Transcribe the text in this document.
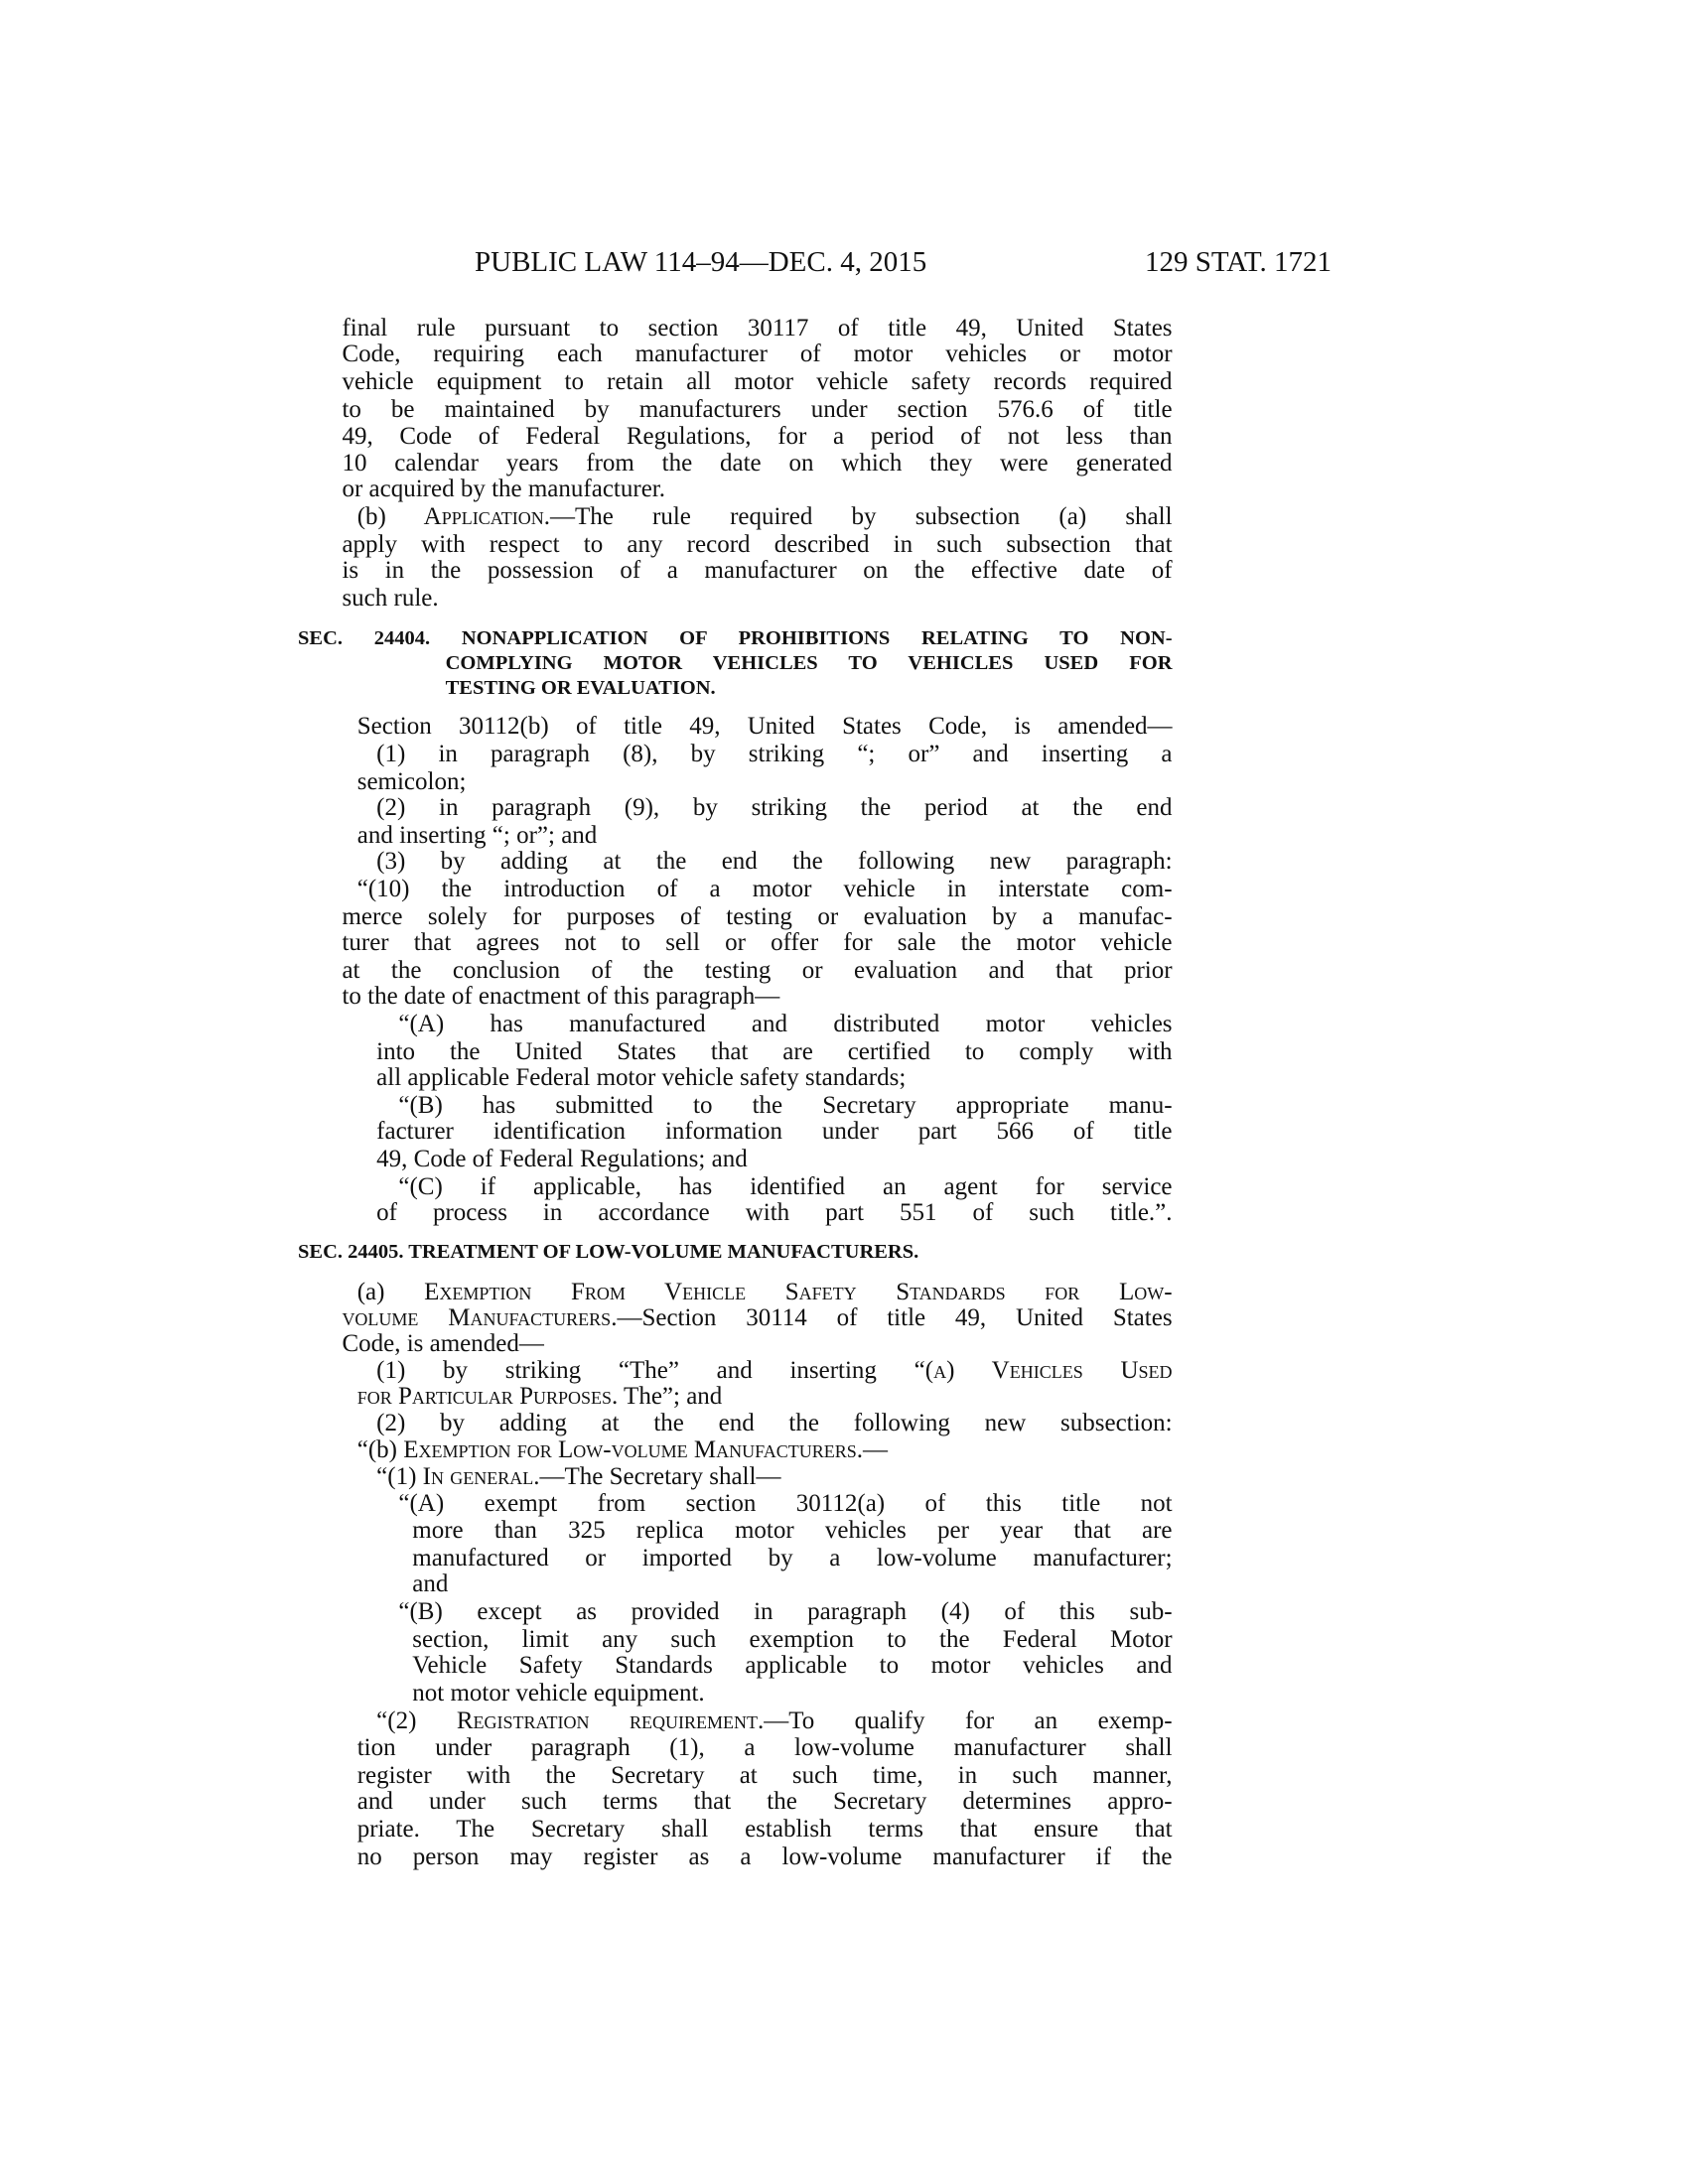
PUBLIC LAW 114–94—DEC. 4, 2015	129 STAT. 1721
final rule pursuant to section 30117 of title 49, United States
Code, requiring each manufacturer of motor vehicles or motor
vehicle equipment to retain all motor vehicle safety records required
to be maintained by manufacturers under section 576.6 of title
49, Code of Federal Regulations, for a period of not less than
10 calendar years from the date on which they were generated
or acquired by the manufacturer.
(b) Application.—The rule required by subsection (a) shall
apply with respect to any record described in such subsection that
is in the possession of a manufacturer on the effective date of
such rule.
SEC. 24404. NONAPPLICATION OF PROHIBITIONS RELATING TO NON-
COMPLYING MOTOR VEHICLES TO VEHICLES USED FOR
TESTING OR EVALUATION.
Section 30112(b) of title 49, United States Code, is amended—
(1) in paragraph (8), by striking “; or” and inserting a
semicolon;
(2) in paragraph (9), by striking the period at the end
and inserting “; or”; and
(3) by adding at the end the following new paragraph:
“(10) the introduction of a motor vehicle in interstate com-
merce solely for purposes of testing or evaluation by a manufac-
turer that agrees not to sell or offer for sale the motor vehicle
at the conclusion of the testing or evaluation and that prior
to the date of enactment of this paragraph—
“(A) has manufactured and distributed motor vehicles
into the United States that are certified to comply with
all applicable Federal motor vehicle safety standards;
“(B) has submitted to the Secretary appropriate manu-
facturer identification information under part 566 of title
49, Code of Federal Regulations; and
“(C) if applicable, has identified an agent for service
of process in accordance with part 551 of such title.”.
SEC. 24405. TREATMENT OF LOW-VOLUME MANUFACTURERS.
(a) Exemption From Vehicle Safety Standards for Low-
volume Manufacturers.—Section 30114 of title 49, United States
Code, is amended—
(1) by striking “The” and inserting “(a) Vehicles Used
for Particular Purposes. The”; and
(2) by adding at the end the following new subsection:
“(b) Exemption for Low-volume Manufacturers.—
“(1) In general.—The Secretary shall—
“(A) exempt from section 30112(a) of this title not
more than 325 replica motor vehicles per year that are
manufactured or imported by a low-volume manufacturer;
and
“(B) except as provided in paragraph (4) of this sub-
section, limit any such exemption to the Federal Motor
Vehicle Safety Standards applicable to motor vehicles and
not motor vehicle equipment.
“(2) Registration requirement.—To qualify for an exemp-
tion under paragraph (1), a low-volume manufacturer shall
register with the Secretary at such time, in such manner,
and under such terms that the Secretary determines appro-
priate. The Secretary shall establish terms that ensure that
no person may register as a low-volume manufacturer if the
